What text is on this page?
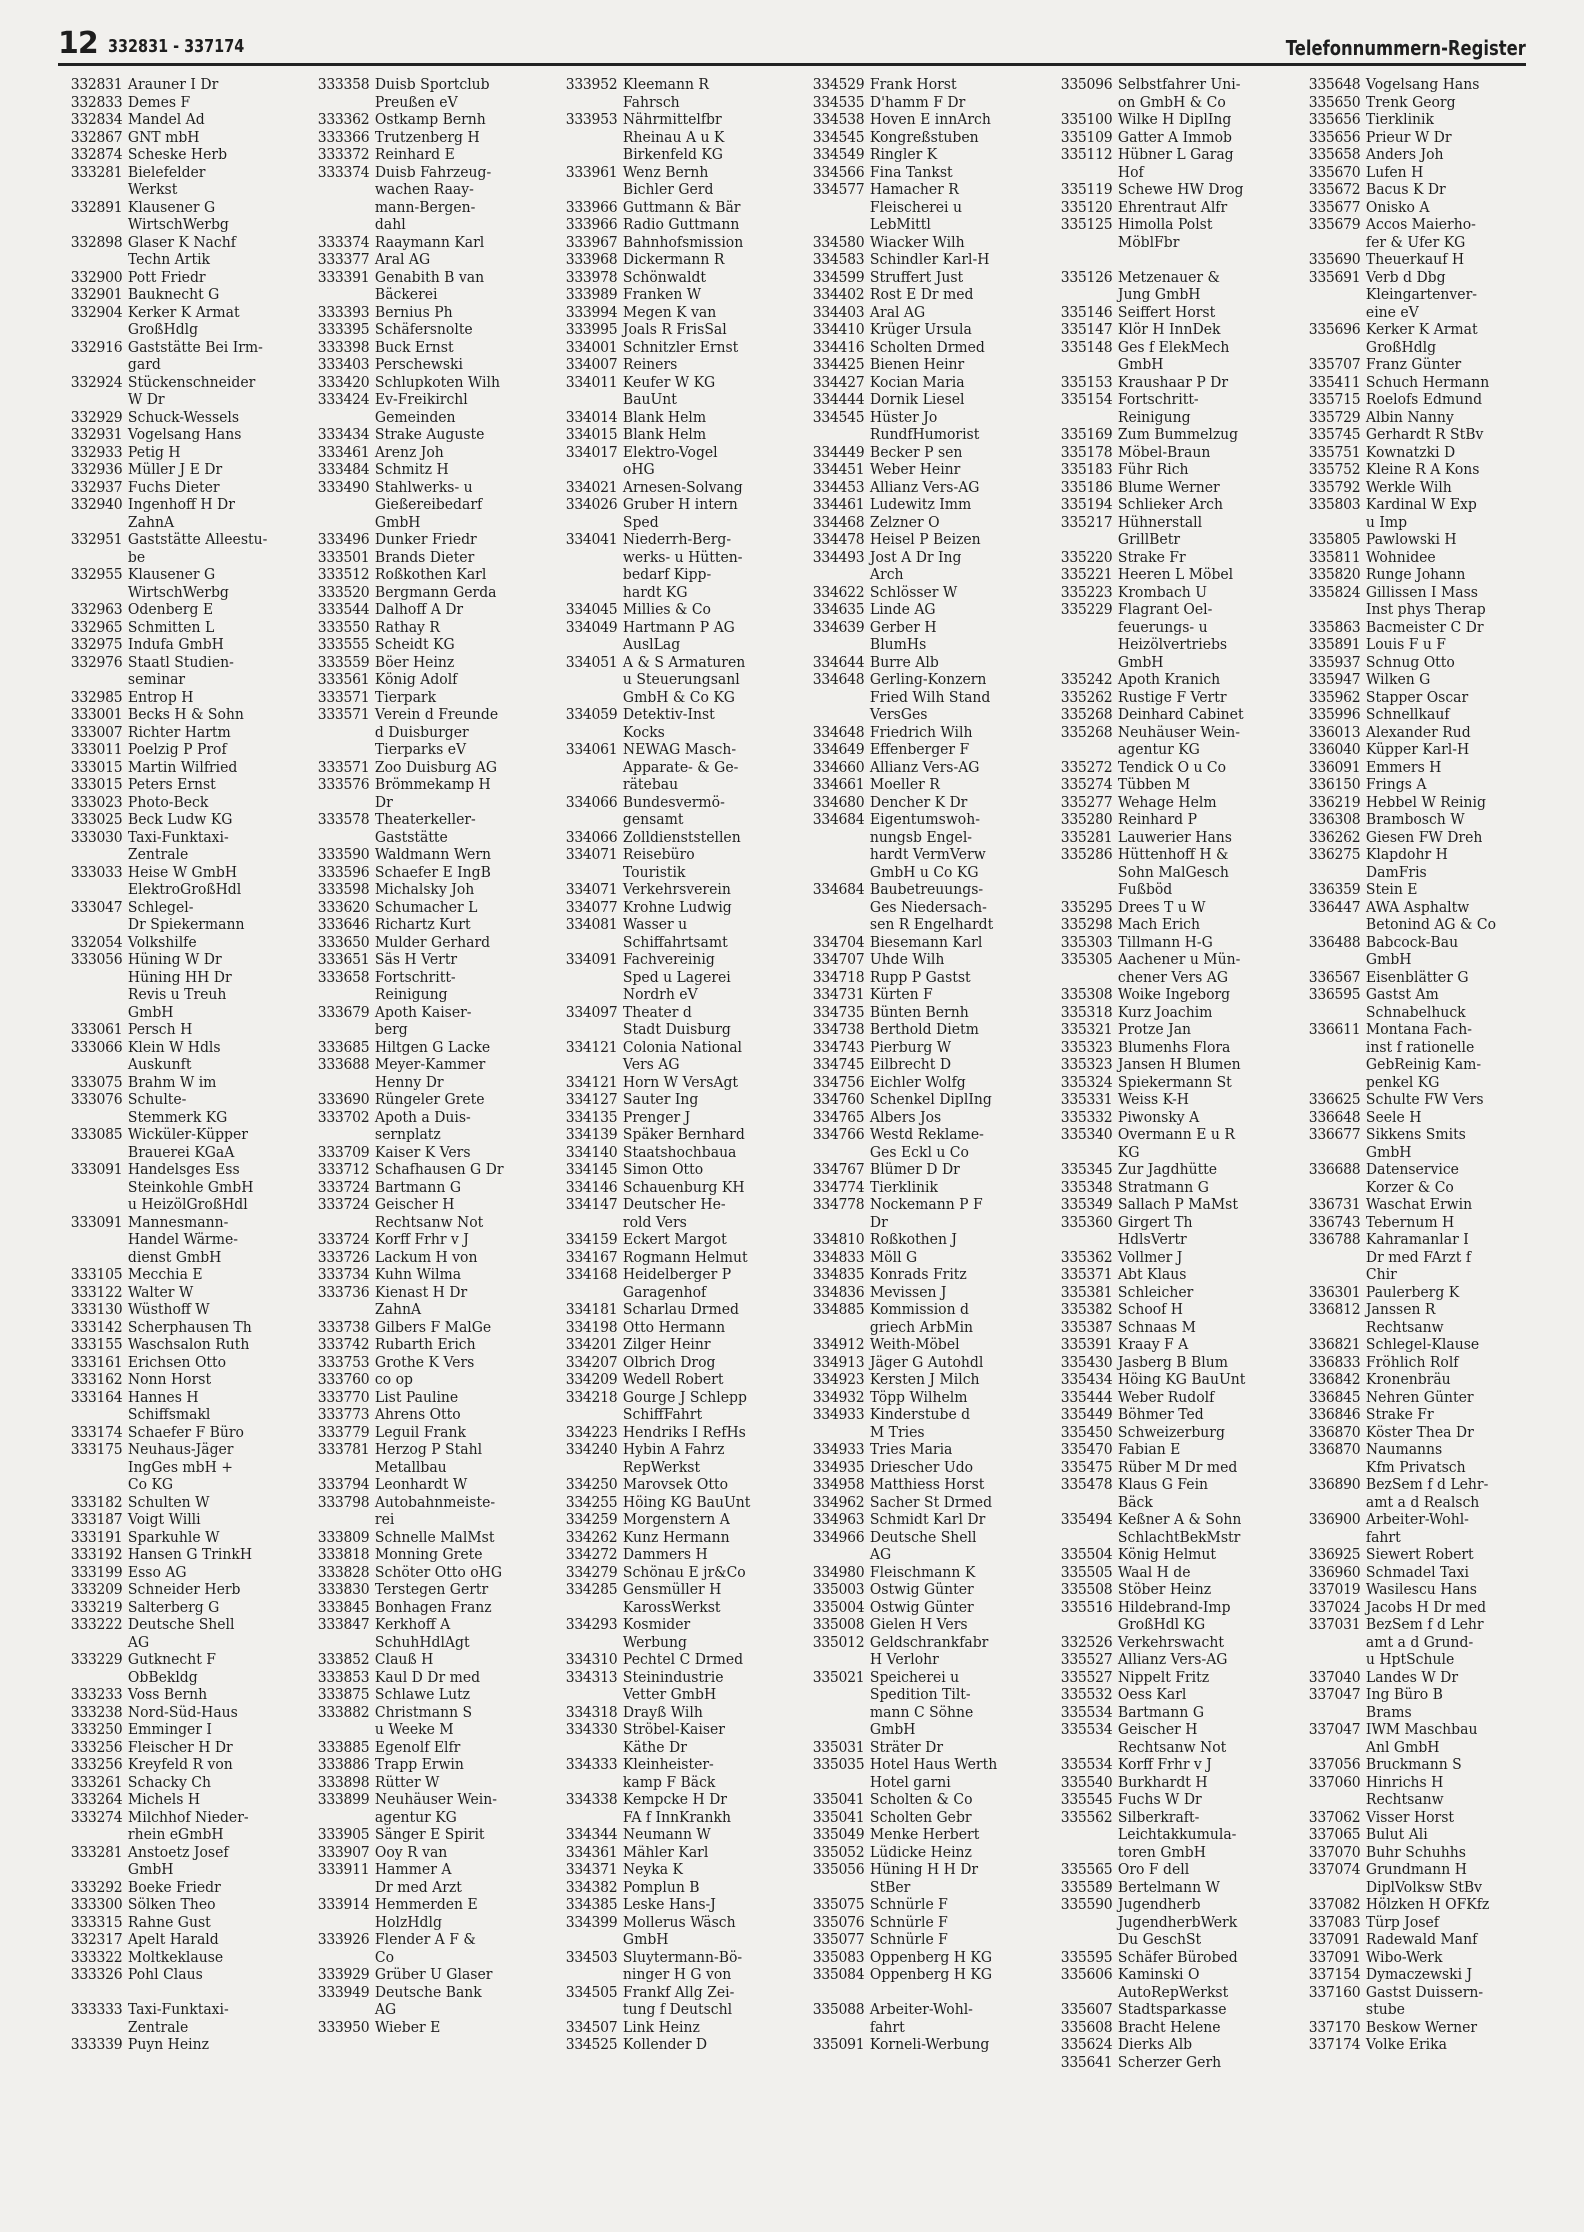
12 332831 - 337174	Telefonnummern-Register
332831 Arauner I Dr
332833 Demes F
332834 Mandel Ad
332867 GNT mbH
332874 Scheske Herb
333281 Bielefelder
Werkst
332891 Klausener G
WirtschWerbg
332898 Glaser K Nachf
Techn Artik
332900 Pott Friedr
332901 Bauknecht G
332904 Kerker K Armat
GroßHdlg
332916 Gaststätte Bei Irm-
gard
332924 Stückenschneider
W Dr
332929 Schuck-Wessels
332931 Vogelsang Hans
332933 Petig H
332936 Müller J E Dr
332937 Fuchs Dieter
332940 Ingenhoff H Dr
ZahnA
332951 Gaststätte Alleestu-
be
332955 Klausener G
WirtschWerbg
332963 Odenberg E
332965 Schmitten L
332975 Indufa GmbH
332976 Staatl Studien-
seminar
332985 Entrop H
333001 Becks H & Sohn
333007 Richter Hartm
333011 Poelzig P Prof
333015 Martin Wilfried
333015 Peters Ernst
333023 Photo-Beck
333025 Beck Ludw KG
333030 Taxi-Funktaxi-
Zentrale
333033 Heise W GmbH
ElektroGroßHdl
333047 Schlegel-
Dr Spiekermann
332054 Volkshilfe
333056 Hüning W Dr
Hüning HH Dr
Revis u Treuh
GmbH
333061 Persch H
333066 Klein W Hdls
Auskunft
333075 Brahm W im
333076 Schulte-
Stemmerk KG
333085 Wicküler-Küpper
Brauerei KGaA
333091 Handelsges Ess
Steinkohle GmbH
u HeizölGroßHdl
333091 Mannesmann-
Handel Wärme-
dienst GmbH
333105 Mecchia E
333122 Walter W
333130 Wüsthoff W
333142 Scherphausen Th
333155 Waschsalon Ruth
333161 Erichsen Otto
333162 Nonn Horst
333164 Hannes H
Schiffsmakl
333174 Schaefer F Büro
333175 Neuhaus-Jäger
IngGes mbH +
Co KG
333182 Schulten W
333187 Voigt Willi
333191 Sparkuhle W
333192 Hansen G TrinkH
333199 Esso AG
333209 Schneider Herb
333219 Salterberg G
333222 Deutsche Shell
AG
333229 Gutknecht F
ObBekldg
333233 Voss Bernh
333238 Nord-Süd-Haus
333250 Emminger I
333256 Fleischer H Dr
333256 Kreyfeld R von
333261 Schacky Ch
333264 Michels H
333274 Milchhof Nieder-
rhein eGmbH
333281 Anstoetz Josef
GmbH
333292 Boeke Friedr
333300 Sölken Theo
333315 Rahne Gust
332317 Apelt Harald
333322 Moltkeklause
333326 Pohl Claus
333333 Taxi-Funktaxi-
Zentrale
333339 Puyn Heinz
333358 Duisb Sportclub
Preußen eV
333362 Ostkamp Bernh
333366 Trutzenberg H
333372 Reinhard E
333374 Duisb Fahrzeug-
wachen Raay-
mann-Bergen-
dahl
333374 Raaymann Karl
333377 Aral AG
333391 Genabith B van
Bäckerei
333393 Bernius Ph
333395 Schäfersnolte
333398 Buck Ernst
333403 Perschewski
333420 Schlupkoten Wilh
333424 Ev-Freikirchl
Gemeinden
333434 Strake Auguste
333461 Arenz Joh
333484 Schmitz H
333490 Stahlwerks- u
Gießereibedarf
GmbH
333496 Dunker Friedr
333501 Brands Dieter
333512 Roßkothen Karl
333520 Bergmann Gerda
333544 Dalhoff A Dr
333550 Rathay R
333555 Scheidt KG
333559 Böer Heinz
333561 König Adolf
333571 Tierpark
333571 Verein d Freunde
d Duisburger
Tierparks eV
333571 Zoo Duisburg AG
333576 Brömmekamp H
Dr
333578 Theaterkeller-
Gaststätte
333590 Waldmann Wern
333596 Schaefer E IngB
333598 Michalsky Joh
333620 Schumacher L
333646 Richartz Kurt
333650 Mulder Gerhard
333651 Säs H Vertr
333658 Fortschritt-
Reinigung
333679 Apoth Kaiser-
berg
333685 Hiltgen G Lacke
333688 Meyer-Kammer
Henny Dr
333690 Rüngeler Grete
333702 Apoth a Duis-
sernplatz
333709 Kaiser K Vers
333712 Schafhausen G Dr
333724 Bartmann G
333724 Geischer H
Rechtsanw Not
333724 Korff Frhr v J
333726 Lackum H von
333734 Kuhn Wilma
333736 Kienast H Dr
ZahnA
333738 Gilbers F MalGe
333742 Rubarth Erich
333753 Grothe K Vers
333760 co op
333770 List Pauline
333773 Ahrens Otto
333779 Leguil Frank
333781 Herzog P Stahl
Metallbau
333794 Leonhardt W
333798 Autobahnmeiste-
rei
333809 Schnelle MalMst
333818 Monning Grete
333828 Schöter Otto oHG
333830 Terstegen Gertr
333845 Bonhagen Franz
333847 Kerkhoff A
SchuhHdlAgt
333852 Clauß H
333853 Kaul D Dr med
333875 Schlawe Lutz
333882 Christmann S
u Weeke M
333885 Egenolf Elfr
333886 Trapp Erwin
333898 Rütter W
333899 Neuhäuser Wein-
agentur KG
333905 Sänger E Spirit
333907 Ooy R van
333911 Hammer A
Dr med Arzt
333914 Hemmerden E
HolzHdlg
333926 Flender A F &
Co
333929 Grüber U Glaser
333949 Deutsche Bank
AG
333950 Wieber E
333952 Kleemann R
Fahrsch
333953 Nährmittelfbr
Rheinau A u K
Birkenfeld KG
333961 Wenz Bernh
Bichler Gerd
333966 Guttmann & Bär
333966 Radio Guttmann
333967 Bahnhofsmission
333968 Dickermann R
333978 Schönwaldt
333989 Franken W
333994 Megen K van
333995 Joals R FrisSal
334001 Schnitzler Ernst
334007 Reiners
334011 Keufer W KG
BauUnt
334014 Blank Helm
334015 Blank Helm
334017 Elektro-Vogel
oHG
334021 Arnesen-Solvang
334026 Gruber H intern
Sped
334041 Niederrh-Berg-
werks- u Hütten-
bedarf Kipp-
hardt KG
334045 Millies & Co
334049 Hartmann P AG
AuslLag
334051 A & S Armaturen
u Steuerungsanl
GmbH & Co KG
334059 Detektiv-Inst
Kocks
334061 NEWAG Masch-
Apparate- & Ge-
rätebau
334066 Bundesvermö-
gensamt
334066 Zolldienststellen
334071 Reisebüro
Touristik
334071 Verkehrsverein
334077 Krohne Ludwig
334081 Wasser u
Schiffahrtsamt
334091 Fachvereinig
Sped u Lagerei
Nordrh eV
334097 Theater d
Stadt Duisburg
334121 Colonia National
Vers AG
334121 Horn W VersAgt
334127 Sauter Ing
334135 Prenger J
334139 Späker Bernhard
334140 Staatshochbaua
334145 Simon Otto
334146 Schauenburg KH
334147 Deutscher He-
rold Vers
334159 Eckert Margot
334167 Rogmann Helmut
334168 Heidelberger P
Garagenhof
334181 Scharlau Drmed
334198 Otto Hermann
334201 Zilger Heinr
334207 Olbrich Drog
334209 Wedell Robert
334218 Gourge J Schlepp
SchiffFahrt
334223 Hendriks I RefHs
334240 Hybin A Fahrz
RepWerkst
334250 Marovsek Otto
334255 Höing KG BauUnt
334259 Morgenstern A
334262 Kunz Hermann
334272 Dammers H
334279 Schönau E jr&Co
334285 Gensmüller H
KarossWerkst
334293 Kosmider
Werbung
334310 Pechtel C Drmed
334313 Steinindustrie
Vetter GmbH
334318 Drayß Wilh
334330 Ströbel-Kaiser
Käthe Dr
334333 Kleinheister-
kamp F Bäck
334338 Kempcke H Dr
FA f InnKrankh
334344 Neumann W
334361 Mähler Karl
334371 Neyka K
334382 Pomplun B
334385 Leske Hans-J
334399 Mollerus Wäsch
GmbH
334503 Sluytermann-Bö-
ninger H G von
334505 Frankf Allg Zei-
tung f Deutschl
334507 Link Heinz
334525 Kollender D
334529 Frank Horst
334535 D'hamm F Dr
334538 Hoven E innArch
334545 Kongreßstuben
334549 Ringler K
334566 Fina Tankst
334577 Hamacher R
Fleischerei u
LebMittl
334580 Wiacker Wilh
334583 Schindler Karl-H
334599 Struffert Just
334402 Rost E Dr med
334403 Aral AG
334410 Krüger Ursula
334416 Scholten Drmed
334425 Bienen Heinr
334427 Kocian Maria
334444 Dornik Liesel
334545 Hüster Jo
RundfHumorist
334449 Becker P sen
334451 Weber Heinr
334453 Allianz Vers-AG
334461 Ludewitz Imm
334468 Zelzner O
334478 Heisel P Beizen
334493 Jost A Dr Ing
Arch
334622 Schlösser W
334635 Linde AG
334639 Gerber H
BlumHs
334644 Burre Alb
334648 Gerling-Konzern
Fried Wilh Stand
VersGes
334648 Friedrich Wilh
334649 Effenberger F
334660 Allianz Vers-AG
334661 Moeller R
334680 Dencher K Dr
334684 Eigentumswoh-
nungsb Engel-
hardt VermVerw
GmbH u Co KG
334684 Baubetreuungs-
Ges Niedersach-
sen R Engelhardt
334704 Biesemann Karl
334707 Uhde Wilh
334718 Rupp P Gastst
334731 Kürten F
334735 Bünten Bernh
334738 Berthold Dietm
334743 Pierburg W
334745 Eilbrecht D
334756 Eichler Wolfg
334760 Schenkel DiplIng
334765 Albers Jos
334766 Westd Reklame-
Ges Eckl u Co
334767 Blümer D Dr
334774 Tierklinik
334778 Nockemann P F
Dr
334810 Roßkothen J
334833 Möll G
334835 Konrads Fritz
334836 Mevissen J
334885 Kommission d
griech ArbMin
334912 Weith-Möbel
334913 Jäger G Autohdl
334923 Kersten J Milch
334932 Töpp Wilhelm
334933 Kinderstube d
M Tries
334933 Tries Maria
334935 Driescher Udo
334958 Matthiess Horst
334962 Sacher St Drmed
334963 Schmidt Karl Dr
334966 Deutsche Shell
AG
334980 Fleischmann K
335003 Ostwig Günter
335004 Ostwig Günter
335008 Gielen H Vers
335012 Geldschrankfabr
H Verlohr
335021 Speicherei u
Spedition Tilt-
mann C Söhne
GmbH
335031 Sträter Dr
335035 Hotel Haus Werth
Hotel garni
335041 Scholten & Co
335041 Scholten Gebr
335049 Menke Herbert
335052 Lüdicke Heinz
335056 Hüning H H Dr
StBer
335075 Schnürle F
335076 Schnürle F
335077 Schnürle F
335083 Oppenberg H KG
335084 Oppenberg H KG
335088 Arbeiter-Wohl-
fahrt
335091 Korneli-Werbung
335096 Selbstfahrer Uni-
on GmbH & Co
335100 Wilke H DiplIng
335109 Gatter A Immob
335112 Hübner L Garag
Hof
335119 Schewe HW Drog
335120 Ehrentraut Alfr
335125 Himolla Polst
MöblFbr
335126 Metzenauer &
Jung GmbH
335146 Seiffert Horst
335147 Klör H InnDek
335148 Ges f ElekMech
GmbH
335153 Kraushaar P Dr
335154 Fortschritt-
Reinigung
335169 Zum Bummelzug
335178 Möbel-Braun
335183 Führ Rich
335186 Blume Werner
335194 Schlieker Arch
335217 Hühnerstall
GrillBetr
335220 Strake Fr
335221 Heeren L Möbel
335223 Krombach U
335229 Flagrant Oel-
feuerungs- u
Heizölvertriebs
GmbH
335242 Apoth Kranich
335262 Rustige F Vertr
335268 Deinhard Cabinet
335268 Neuhäuser Wein-
agentur KG
335272 Tendick O u Co
335274 Tübben M
335277 Wehage Helm
335280 Reinhard P
335281 Lauwerier Hans
335286 Hüttenhoff H &
Sohn MalGesch
Fußböd
335295 Drees T u W
335298 Mach Erich
335303 Tillmann H-G
335305 Aachener u Mün-
chener Vers AG
335308 Woike Ingeborg
335318 Kurz Joachim
335321 Protze Jan
335323 Blumenhs Flora
335323 Jansen H Blumen
335324 Spiekermann St
335331 Weiss K-H
335332 Piwonsky A
335340 Overmann E u R
KG
335345 Zur Jagdhütte
335348 Stratmann G
335349 Sallach P MaMst
335360 Girgert Th
HdlsVertr
335362 Vollmer J
335371 Abt Klaus
335381 Schleicher
335382 Schoof H
335387 Schnaas M
335391 Kraay F A
335430 Jasberg B Blum
335434 Höing KG BauUnt
335444 Weber Rudolf
335449 Böhmer Ted
335450 Schweizerburg
335470 Fabian E
335475 Rüber M Dr med
335478 Klaus G Fein
Bäck
335494 Keßner A & Sohn
SchlachtBekMstr
335504 König Helmut
335505 Waal H de
335508 Stöber Heinz
335516 Hildebrand-Imp
GroßHdl KG
332526 Verkehrswacht
335527 Allianz Vers-AG
335527 Nippelt Fritz
335532 Oess Karl
335534 Bartmann G
335534 Geischer H
Rechtsanw Not
335534 Korff Frhr v J
335540 Burkhardt H
335545 Fuchs W Dr
335562 Silberkraft-
Leichtakkumula-
toren GmbH
335565 Oro F dell
335589 Bertelmann W
335590 Jugendherb
JugendherbWerk
Du GeschSt
335595 Schäfer Bürobed
335606 Kaminski O
AutoRepWerkst
335607 Stadtsparkasse
335608 Bracht Helene
335624 Dierks Alb
335641 Scherzer Gerh
335648 Vogelsang Hans
335650 Trenk Georg
335656 Tierklinik
335656 Prieur W Dr
335658 Anders Joh
335670 Lufen H
335672 Bacus K Dr
335677 Onisko A
335679 Accos Maierho-
fer & Ufer KG
335690 Theuerkauf H
335691 Verb d Dbg
Kleingartenver-
eine eV
335696 Kerker K Armat
GroßHdlg
335707 Franz Günter
335411 Schuch Hermann
335715 Roelofs Edmund
335729 Albin Nanny
335745 Gerhardt R StBv
335751 Kownatzki D
335752 Kleine R A Kons
335792 Werkle Wilh
335803 Kardinal W Exp
u Imp
335805 Pawlowski H
335811 Wohnidee
335820 Runge Johann
335824 Gillissen I Mass
Inst phys Therap
335863 Bacmeister C Dr
335891 Louis F u F
335937 Schnug Otto
335947 Wilken G
335962 Stapper Oscar
335996 Schnellkauf
336013 Alexander Rud
336040 Küpper Karl-H
336091 Emmers H
336150 Frings A
336219 Hebbel W Reinig
336308 Brambosch W
336262 Giesen FW Dreh
336275 Klapdohr H
DamFris
336359 Stein E
336447 AWA Asphaltw
Betonind AG & Co
336488 Babcock-Bau
GmbH
336567 Eisenblätter G
336595 Gastst Am
Schnabelhuck
336611 Montana Fach-
inst f rationelle
GebReinig Kam-
penkel KG
336625 Schulte FW Vers
336648 Seele H
336677 Sikkens Smits
GmbH
336688 Datenservice
Korzer & Co
336731 Waschat Erwin
336743 Tebernum H
336788 Kahramanlar I
Dr med FArzt f
Chir
336301 Paulerberg K
336812 Janssen R
Rechtsanw
336821 Schlegel-Klause
336833 Fröhlich Rolf
336842 Kronenbräu
336845 Nehren Günter
336846 Strake Fr
336870 Köster Thea Dr
336870 Naumanns
Kfm Privatsch
336890 BezSem f d Lehr-
amt a d Realsch
336900 Arbeiter-Wohl-
fahrt
336925 Siewert Robert
336960 Schmadel Taxi
337019 Wasilescu Hans
337024 Jacobs H Dr med
337031 BezSem f d Lehr
amt a d Grund-
u HptSchule
337040 Landes W Dr
337047 Ing Büro B
Brams
337047 IWM Maschbau
Anl GmbH
337056 Bruckmann S
337060 Hinrichs H
Rechtsanw
337062 Visser Horst
337065 Bulut Ali
337070 Buhr Schuhhs
337074 Grundmann H
DiplVolksw StBv
337082 Hölzken H OFKfz
337083 Türp Josef
337091 Radewald Manf
337091 Wibo-Werk
337154 Dymaczewski J
337160 Gastst Duissern-
stube
337170 Beskow Werner
337174 Volke Erika
